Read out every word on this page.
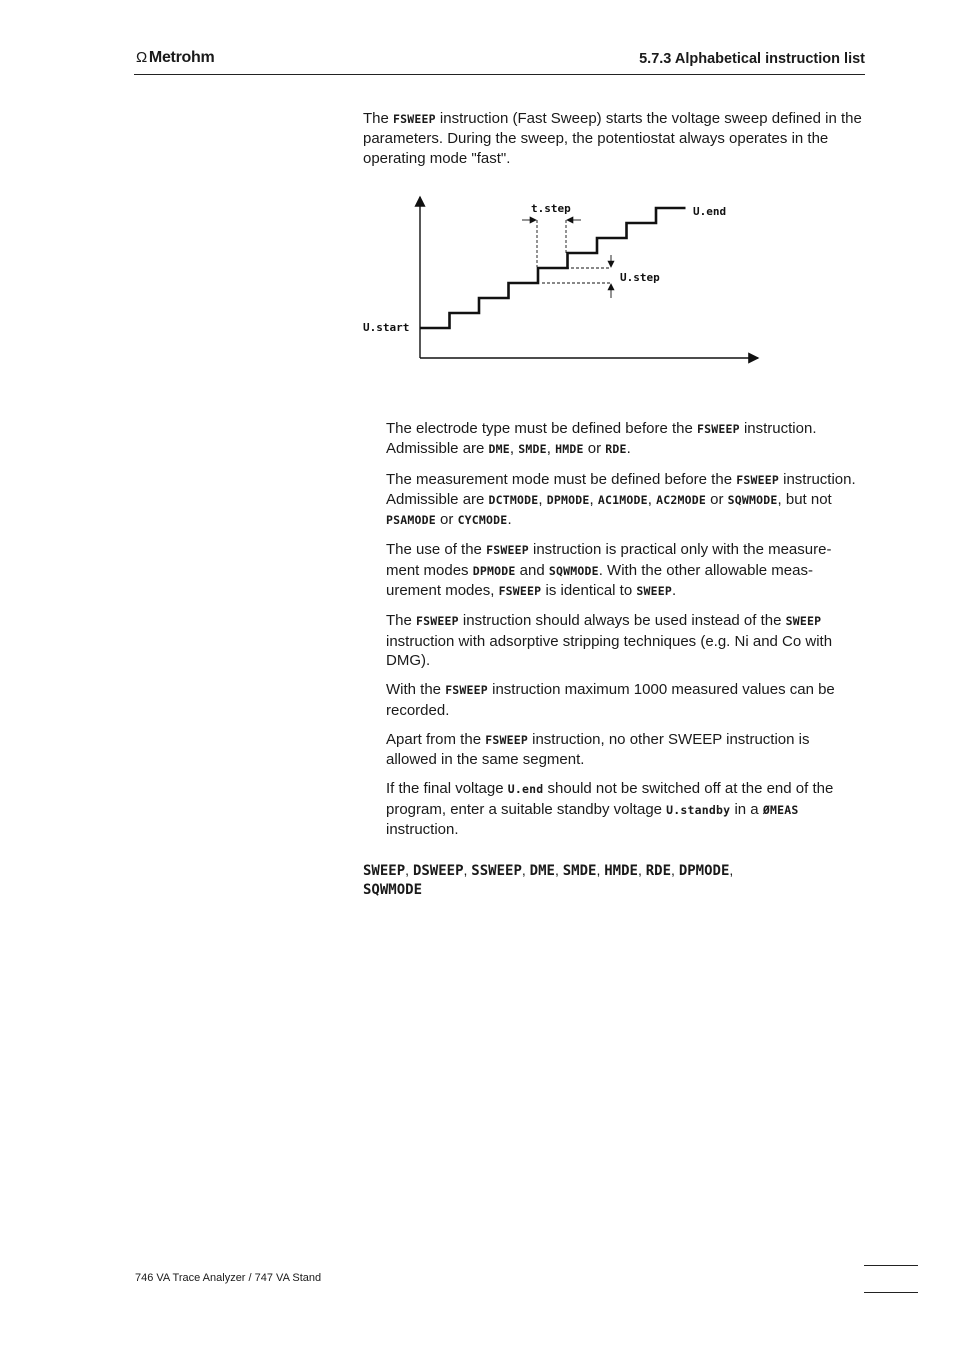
Ω Metrohm	5.7.3 Alphabetical instruction list
The FSWEEP instruction (Fast Sweep) starts the voltage sweep defined in the parameters. During the sweep, the potentiostat always operates in the operating mode "fast".
t.step	U.end
U.step
U.start
The electrode type must be defined before the FSWEEP instruction. Admissible are DME, SMDE, HMDE or RDE.
The measurement mode must be defined before the FSWEEP instruction. Admissible are DCTMODE, DPMODE, AC1MODE, AC2MODE or SQWMODE, but not PSAMODE or CYCMODE.
The use of the FSWEEP instruction is practical only with the measure-ment modes DPMODE and SQWMODE. With the other allowable meas-urement modes, FSWEEP is identical to SWEEP.
The FSWEEP instruction should always be used instead of the SWEEP instruction with adsorptive stripping techniques (e.g. Ni and Co with DMG).
With the FSWEEP instruction maximum 1000 measured values can be recorded.
Apart from the FSWEEP instruction, no other SWEEP instruction is allowed in the same segment.
If the final voltage U.end should not be switched off at the end of the program, enter a suitable standby voltage U.standby in a ØMEAS instruction.
SWEEP, DSWEEP, SSWEEP, DME, SMDE, HMDE, RDE, DPMODE,
SQWMODE
746 VA Trace Analyzer / 747 VA Stand
